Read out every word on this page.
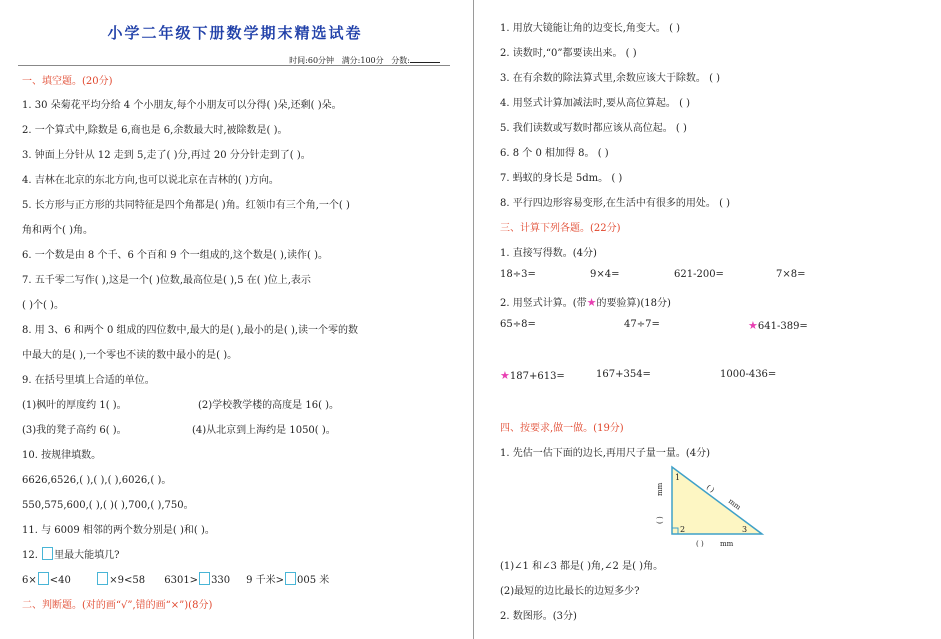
小学二年级下册数学期末精选试卷
时间:60分钟 满分:100分 分数:
一、填空题。(20分)
1. 30 朵菊花平均分给 4 个小朋友,每个小朋友可以分得( )朵,还剩( )朵。
2. 一个算式中,除数是 6,商也是 6,余数最大时,被除数是( )。
3. 钟面上分针从 12 走到 5,走了( )分,再过 20 分分针走到了( )。
4. 吉林在北京的东北方向,也可以说北京在吉林的( )方向。
5. 长方形与正方形的共同特征是四个角都是( )角。红领巾有三个角,一个( )
角和两个( )角。
6. 一个数是由 8 个千、6 个百和 9 个一组成的,这个数是( ),读作( )。
7. 五千零二写作( ),这是一个( )位数,最高位是( ),5 在( )位上,表示
( )个( )。
8. 用 3、6 和两个 0 组成的四位数中,最大的是( ),最小的是( ),读一个零的数
中最大的是( ),一个零也不读的数中最小的是( )。
9. 在括号里填上合适的单位。
(1)枫叶的厚度约 1( )。	(2)学校教学楼的高度是 16( )。
(3)我的凳子高约 6( )。	(4)从北京到上海约是 1050( )。
10. 按规律填数。
6626,6526,( ),( ),( ),6026,( )。
550,575,600,( ),( )( ),700,( ),750。
11. 与 6009 相邻的两个数分别是( )和( )。
12. 里最大能填几?
6× <40	×9<58 6301> 330 9 千米> 005 米
二、判断题。(对的画“√”,错的画“×”)(8分)
1. 用放大镜能让角的边变长,角变大。 ( )
2. 读数时,“0”都要读出来。 ( )
3. 在有余数的除法算式里,余数应该大于除数。 ( )
4. 用竖式计算加减法时,要从高位算起。 ( )
5. 我们读数或写数时都应该从高位起。 ( )
6. 8 个 0 相加得 8。 ( )
7. 蚂蚁的身长是 5dm。 ( )
8. 平行四边形容易变形,在生活中有很多的用处。 ( )
三、计算下列各题。(22分)
1. 直接写得数。(4分)
18÷3=	9×4=	621-200=	7×8=
2. 用竖式计算。(带★的要验算)(18分)
65÷8=	47÷7=	★641-389=
★187+613=	167+354=	1000-436=
四、按要求,做一做。(19分)
1. 先估一估下面的边长,再用尺子量一量。(4分)
1
2	3
mm
( )
( )
mm
( ) mm
(1)∠1 和∠3 都是( )角,∠2 是( )角。
(2)最短的边比最长的边短多少?
2. 数图形。(3分)
